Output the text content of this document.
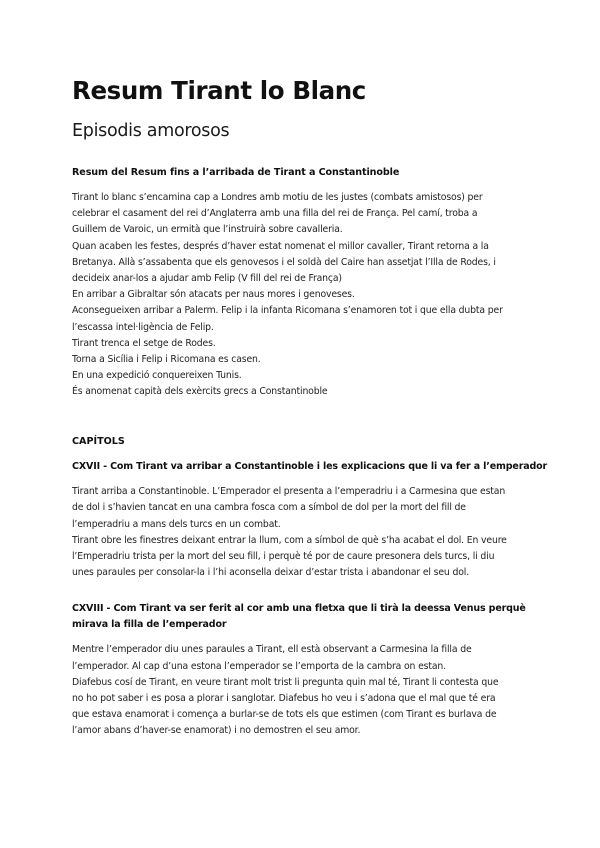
Resum Tirant lo Blanc
Episodis amorosos
Resum del Resum fins a l’arribada de Tirant a Constantinoble

Tirant lo blanc s’encamina cap a Londres amb motiu de les justes (combats amistosos) per
celebrar el casament del rei d’Anglaterra amb una filla del rei de França. Pel camí, troba a
Guillem de Varoic, un ermità que l’instruirà sobre cavalleria.
Quan acaben les festes, després d’haver estat nomenat el millor cavaller, Tirant retorna a la
Bretanya. Allà s’assabenta que els genovesos i el soldà del Caire han assetjat l’Illa de Rodes, i
decideix anar-los a ajudar amb Felip (V fill del rei de França)
En arribar a Gibraltar són atacats per naus mores i genoveses.
Aconsegueixen arribar a Palerm. Felip i la infanta Ricomana s’enamoren tot i que ella dubta per
l’escassa intel·ligència de Felip.
Tirant trenca el setge de Rodes.
Torna a Sicília i Felip i Ricomana es casen.
En una expedició conquereixen Tunis.
És anomenat capità dels exèrcits grecs a Constantinoble

CAPÍTOLS
CXVII - Com Tirant va arribar a Constantinoble i les explicacions que li va fer a l’emperador

Tirant arriba a Constantinoble. L’Emperador el presenta a l’emperadriu i a Carmesina que estan
de dol i s’havien tancat en una cambra fosca com a símbol de dol per la mort del fill de
l’emperadriu a mans dels turcs en un combat.
Tirant obre les finestres deixant entrar la llum, com a símbol de què s’ha acabat el dol. En veure
l’Emperadriu trista per la mort del seu fill, i perquè té por de caure presonera dels turcs, li diu
unes paraules per consolar-la i l’hi aconsella deixar d’estar trista i abandonar el seu dol.

CXVIII - Com Tirant va ser ferit al cor amb una fletxa que li tirà la deessa Venus perquè
mirava la filla de l’emperador

Mentre l’emperador diu unes paraules a Tirant, ell està observant a Carmesina la filla de
l’emperador. Al cap d’una estona l’emperador se l’emporta de la cambra on estan.
Diafebus cosí de Tirant, en veure tirant molt trist li pregunta quin mal té, Tirant li contesta que
no ho pot saber i es posa a plorar i sanglotar. Diafebus ho veu i s’adona que el mal que té era
que estava enamorat i comença a burlar-se de tots els que estimen (com Tirant es burlava de
l’amor abans d’haver-se enamorat) i no demostren el seu amor.
